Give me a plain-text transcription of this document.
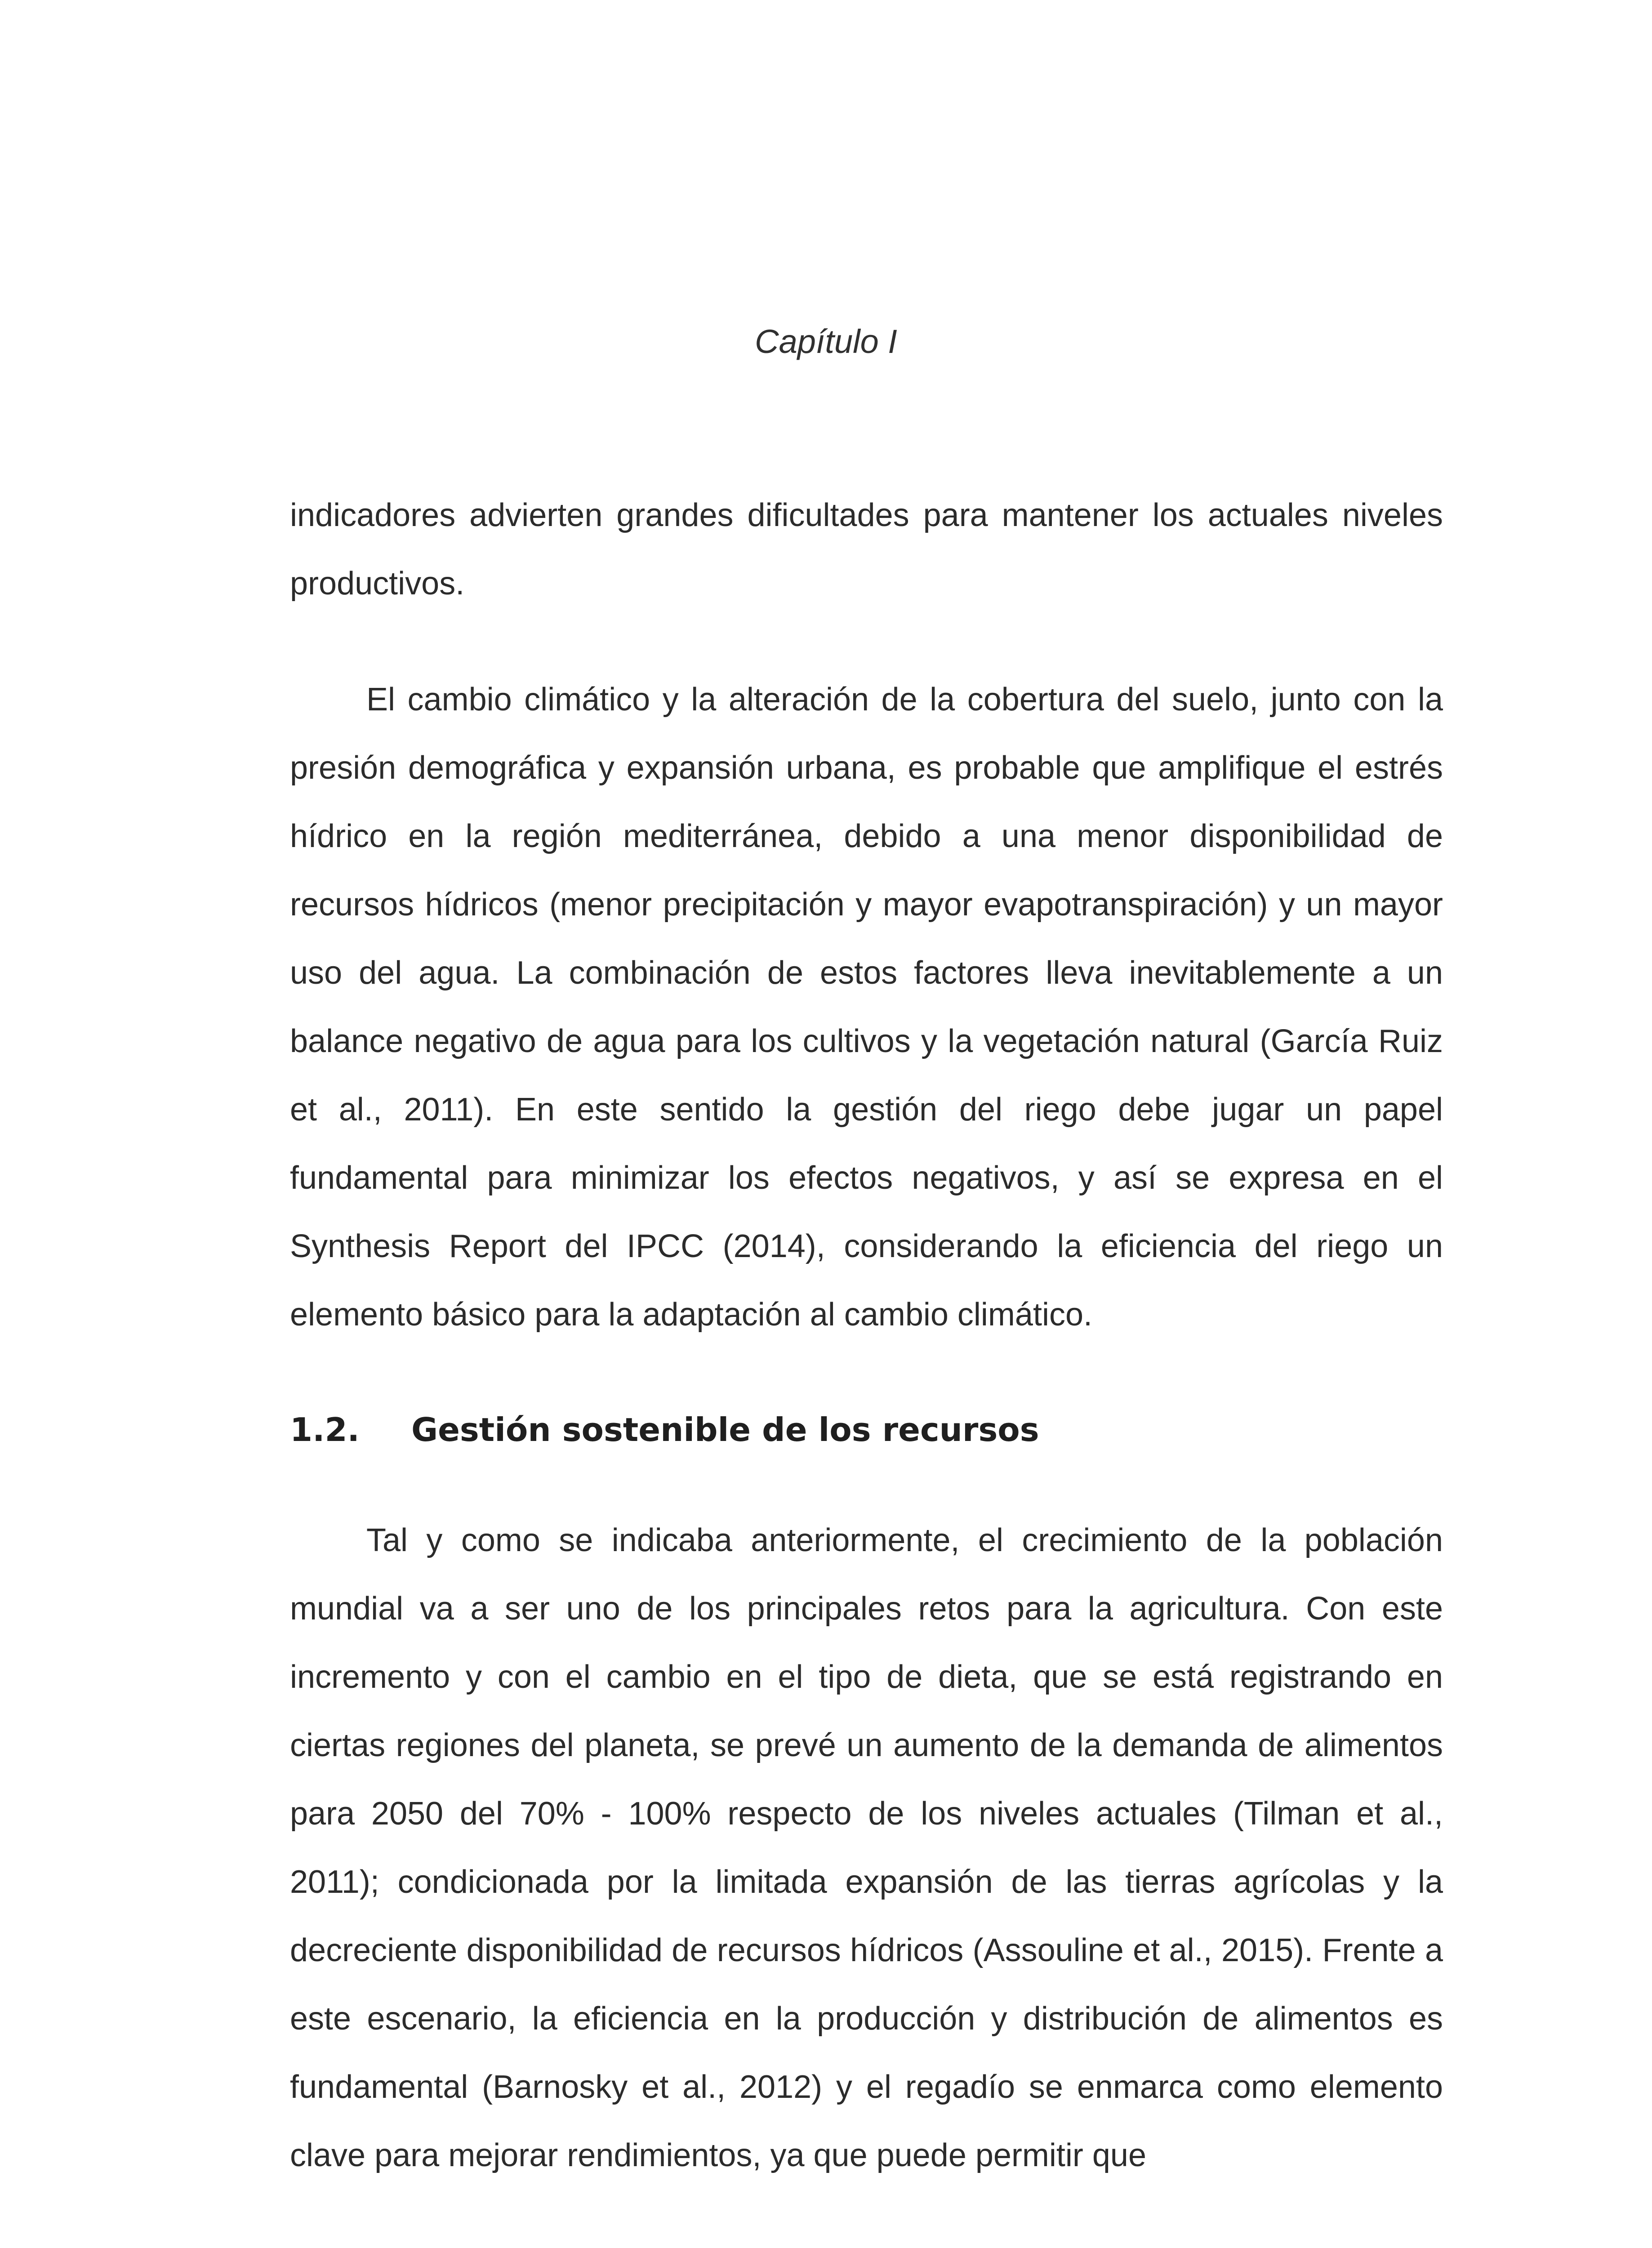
Capítulo I

indicadores advierten grandes dificultades para mantener los actuales niveles productivos.

El cambio climático y la alteración de la cobertura del suelo, junto con la presión demográfica y expansión urbana, es probable que amplifique el estrés hídrico en la región mediterránea, debido a una menor disponibilidad de recursos hídricos (menor precipitación y mayor evapotranspiración) y un mayor uso del agua. La combinación de estos factores lleva inevitablemente a un balance negativo de agua para los cultivos y la vegetación natural (García Ruiz et al., 2011). En este sentido la gestión del riego debe jugar un papel fundamental para minimizar los efectos negativos, y así se expresa en el Synthesis Report del IPCC (2014), considerando la eficiencia del riego un elemento básico para la adaptación al cambio climático.

1.2. Gestión sostenible de los recursos

Tal y como se indicaba anteriormente, el crecimiento de la población mundial va a ser uno de los principales retos para la agricultura. Con este incremento y con el cambio en el tipo de dieta, que se está registrando en ciertas regiones del planeta, se prevé un aumento de la demanda de alimentos para 2050 del 70% - 100% respecto de los niveles actuales (Tilman et al., 2011); condicionada por la limitada expansión de las tierras agrícolas y la decreciente disponibilidad de recursos hídricos (Assouline et al., 2015). Frente a este escenario, la eficiencia en la producción y distribución de alimentos es fundamental (Barnosky et al., 2012) y el regadío se enmarca como elemento clave para mejorar rendimientos, ya que puede permitir que
